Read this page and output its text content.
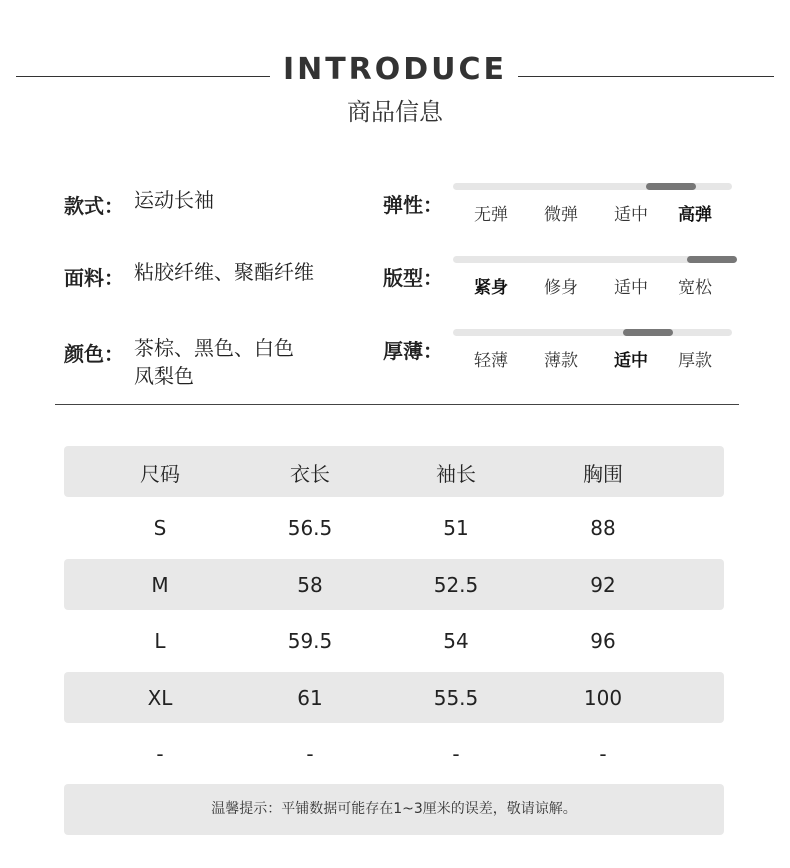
INTRODUCE
商品信息
款式： 运动长袖
面料： 粘胶纤维、聚酯纤维
颜色： 茶棕、黑色、白色
凤梨色
弹性：	无弹	微弹	适中	高弹
版型：	紧身	修身	适中	宽松
厚薄：	轻薄	薄款	适中	厚款
尺码	衣长	袖长	胸围
S	56.5	51	88
M	58	52.5	92
L	59.5	54	96
XL	61	55.5	100
-	-	-	-
温馨提示：平铺数据可能存在1~3厘米的误差，敬请谅解。
